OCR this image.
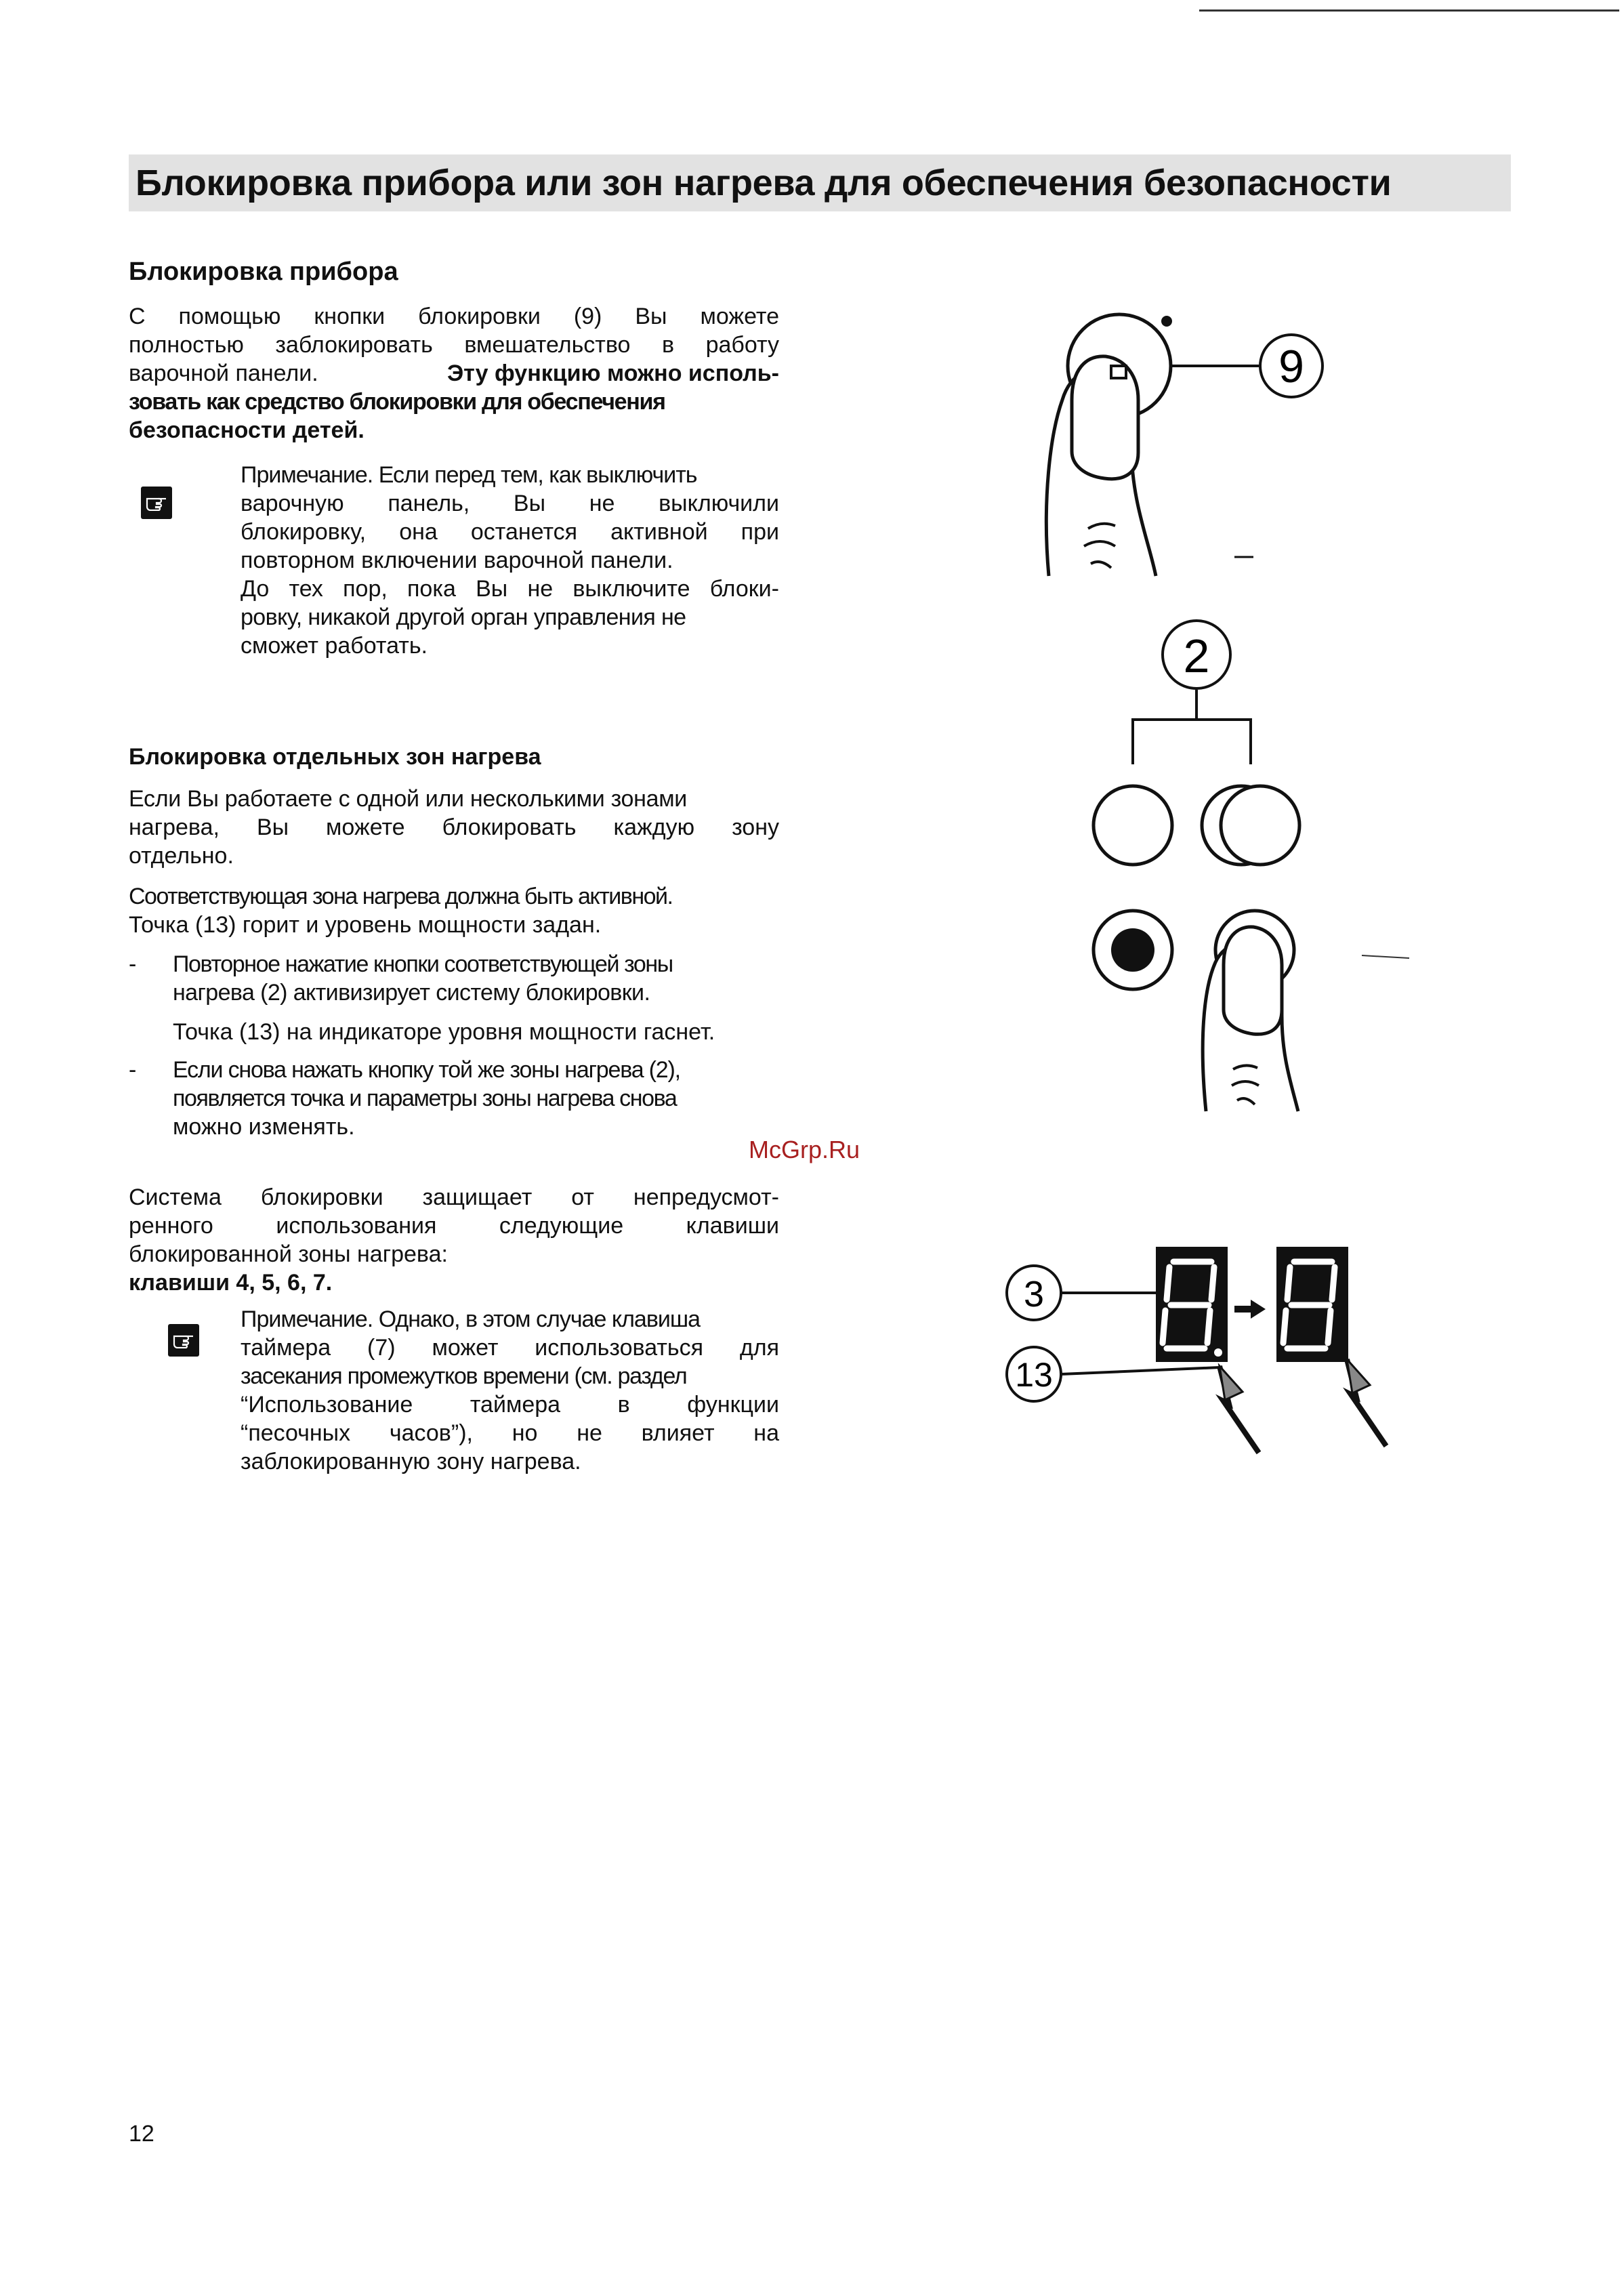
Блокировка прибора или зон нагрева для обеспечения безопасности
Блокировка прибора
С помощью кнопки блокировки (9) Вы можете
полностью заблокировать вмешательство в работу
варочной панели.	Эту функцию можно исполь-
зовать как средство блокировки для обеспечения
безопасности детей.
Примечание. Если перед тем, как выключить
варочную панель, Вы не выключили
блокировку, она останется активной при
повторном включении варочной панели.
До тех пор, пока Вы не выключите блоки-
ровку, никакой другой орган управления не
сможет работать.
Блокировка отдельных зон нагрева
Если Вы работаете с одной или несколькими зонами
нагрева, Вы можете блокировать каждую зону
отдельно.
Соответствующая зона нагрева должна быть активной.
Точка (13) горит и уровень мощности задан.
- Повторное нажатие кнопки соответствующей зоны
нагрева (2) активизирует систему блокировки.
Точка (13) на индикаторе уровня мощности гаснет.
- Если снова нажать кнопку той же зоны нагрева (2),
появляется точка и параметры зоны нагрева снова
можно изменять.
McGrp.Ru
Система блокировки защищает от непредусмот-
ренного использования следующие клавиши
блокированной зоны нагрева:
клавиши 4, 5, 6, 7.
Примечание. Однако, в этом случае клавиша
таймера (7) может использоваться для
засекания промежутков времени (см. раздел
“Использование таймера в функции
“песочных часов”), но не влияет на
заблокированную зону нагрева.
9
2
3
13
12
